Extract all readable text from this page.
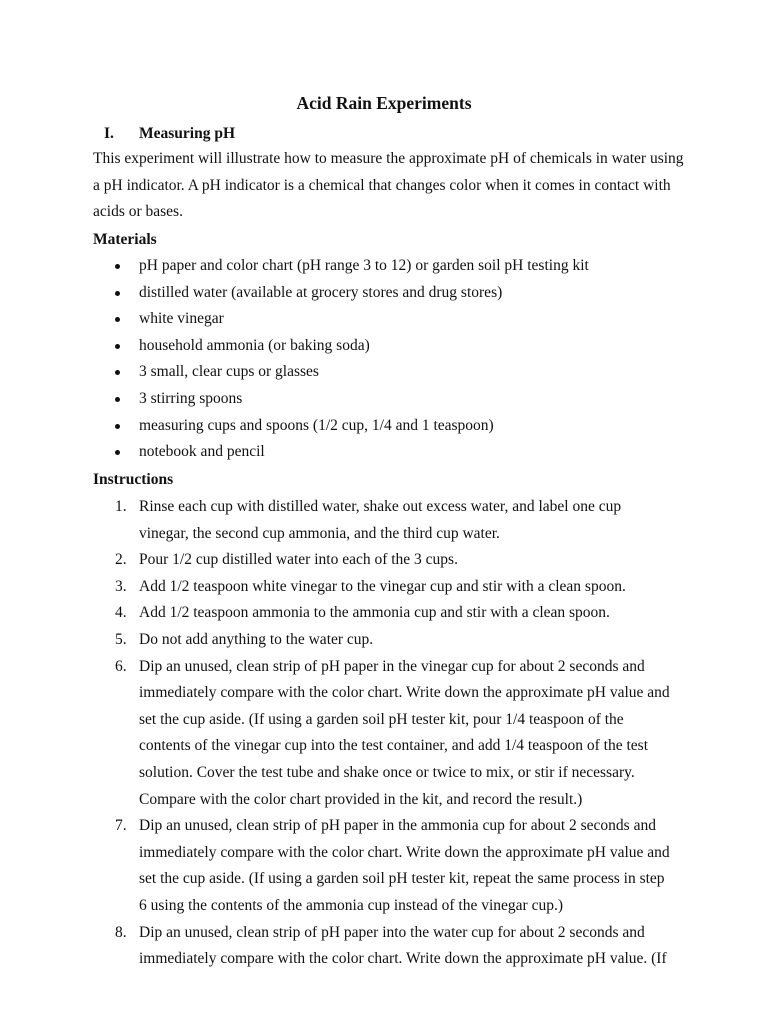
Acid Rain Experiments
I. Measuring pH
This experiment will illustrate how to measure the approximate pH of chemicals in water using a pH indicator. A pH indicator is a chemical that changes color when it comes in contact with acids or bases.
Materials
pH paper and color chart (pH range 3 to 12) or garden soil pH testing kit
distilled water (available at grocery stores and drug stores)
white vinegar
household ammonia (or baking soda)
3 small, clear cups or glasses
3 stirring spoons
measuring cups and spoons (1/2 cup, 1/4 and 1 teaspoon)
notebook and pencil
Instructions
1. Rinse each cup with distilled water, shake out excess water, and label one cup vinegar, the second cup ammonia, and the third cup water.
2. Pour 1/2 cup distilled water into each of the 3 cups.
3. Add 1/2 teaspoon white vinegar to the vinegar cup and stir with a clean spoon.
4. Add 1/2 teaspoon ammonia to the ammonia cup and stir with a clean spoon.
5. Do not add anything to the water cup.
6. Dip an unused, clean strip of pH paper in the vinegar cup for about 2 seconds and immediately compare with the color chart. Write down the approximate pH value and set the cup aside. (If using a garden soil pH tester kit, pour 1/4 teaspoon of the contents of the vinegar cup into the test container, and add 1/4 teaspoon of the test solution. Cover the test tube and shake once or twice to mix, or stir if necessary. Compare with the color chart provided in the kit, and record the result.)
7. Dip an unused, clean strip of pH paper in the ammonia cup for about 2 seconds and immediately compare with the color chart. Write down the approximate pH value and set the cup aside. (If using a garden soil pH tester kit, repeat the same process in step 6 using the contents of the ammonia cup instead of the vinegar cup.)
8. Dip an unused, clean strip of pH paper into the water cup for about 2 seconds and immediately compare with the color chart. Write down the approximate pH value. (If
